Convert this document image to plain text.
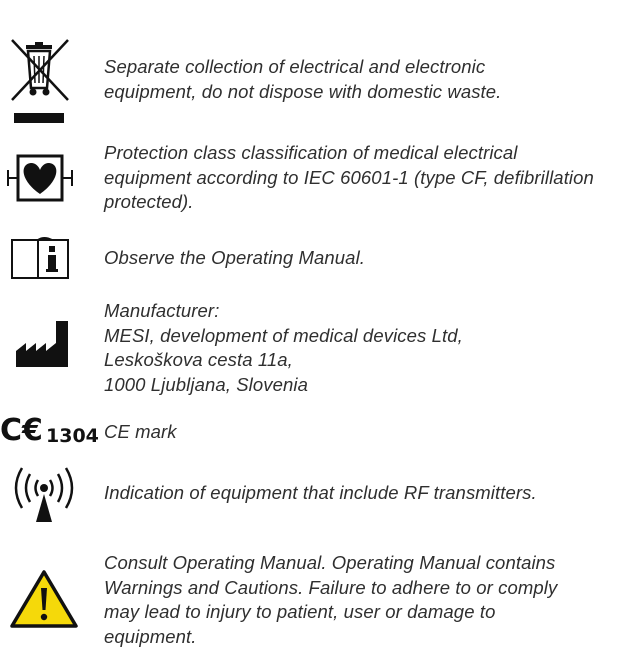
Separate collection of electrical and electronic
equipment, do not dispose with domestic waste.
Protection class classification of medical electrical
equipment according to IEC 60601-1 (type CF, defibrillation
protected).
Observe the Operating Manual.
Manufacturer:
MESI, development of medical devices Ltd,
Leskoškova cesta 11a,
1000 Ljubljana, Slovenia
C€ 1304 CE mark
Indication of equipment that include RF transmitters.
Consult Operating Manual. Operating Manual contains
Warnings and Cautions. Failure to adhere to or comply
may lead to injury to patient, user or damage to
equipment.
